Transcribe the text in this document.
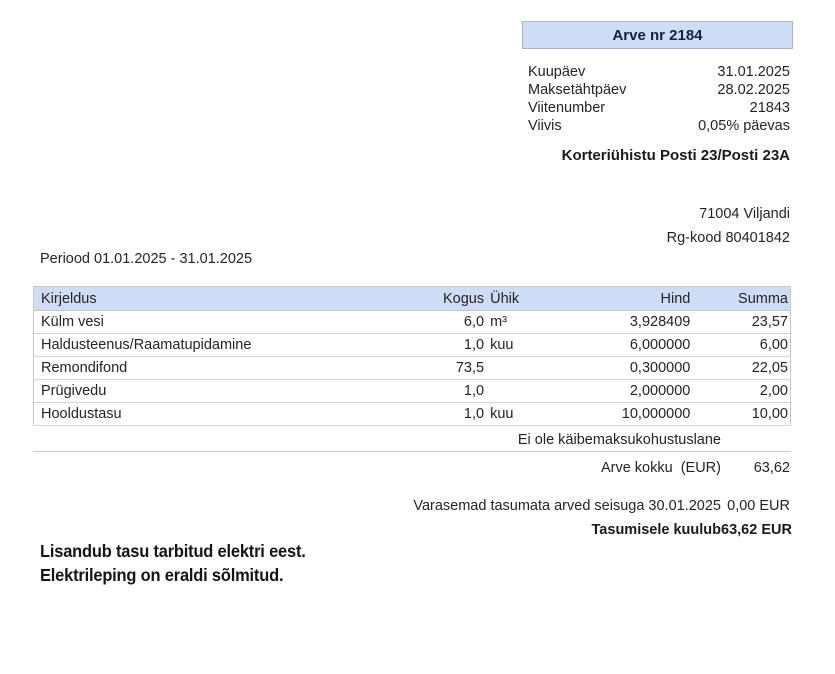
Arve nr 2184
Kuupäev	31.01.2025
Maksetähtpäev	28.02.2025
Viitenumber	21843
Viivis	0,05% päevas
Korteriühistu Posti 23/Posti 23A
71004 Viljandi
Rg-kood 80401842
Periood 01.01.2025 - 31.01.2025
Kirjeldus	Kogus	Ühik	Hind	Summa
Külm vesi	6,0	m³	3,928409	23,57
Haldusteenus/Raamatupidamine	1,0	kuu	6,000000	6,00
Remondifond	73,5		0,300000	22,05
Prügivedu	1,0		2,000000	2,00
Hooldustasu	1,0	kuu	10,000000	10,00
Ei ole käibemaksukohustuslane
Arve kokku  (EUR)	63,62
Varasemad tasumata arved seisuga 30.01.2025 0,00 EUR
Tasumisele kuulub 63,62 EUR
Lisandub tasu tarbitud elektri eest.
Elektrileping on eraldi sõlmitud.
